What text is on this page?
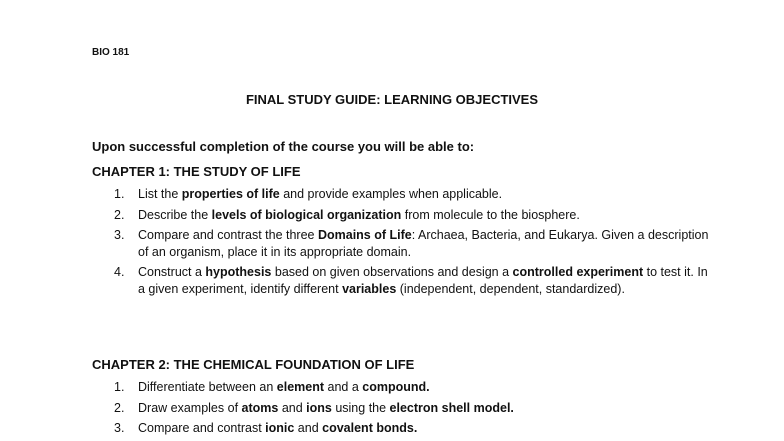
BIO 181
FINAL STUDY GUIDE: LEARNING OBJECTIVES
Upon successful completion of the course you will be able to:
CHAPTER 1: THE STUDY OF LIFE
1. List the properties of life and provide examples when applicable.
2. Describe the levels of biological organization from molecule to the biosphere.
3. Compare and contrast the three Domains of Life: Archaea, Bacteria, and Eukarya. Given a description of an organism, place it in its appropriate domain.
4. Construct a hypothesis based on given observations and design a controlled experiment to test it. In a given experiment, identify different variables (independent, dependent, standardized).
CHAPTER 2: THE CHEMICAL FOUNDATION OF LIFE
1. Differentiate between an element and a compound.
2. Draw examples of atoms and ions using the electron shell model.
3. Compare and contrast ionic and covalent bonds.
